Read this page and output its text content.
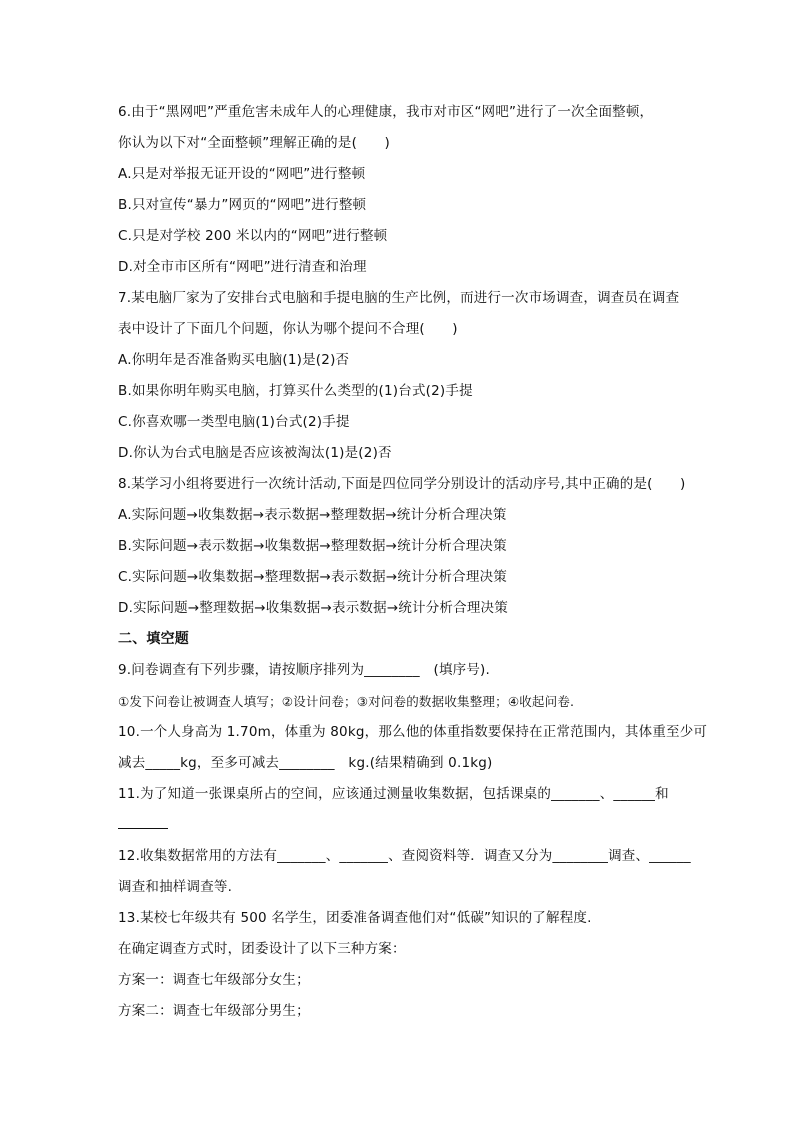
6.由于“黑网吧”严重危害未成年人的心理健康，我市对市区“网吧”进行了一次全面整顿，
你认为以下对“全面整顿”理解正确的是(　　)
A.只是对举报无证开设的“网吧”进行整顿
B.只对宣传“暴力”网页的“网吧”进行整顿
C.只是对学校 200 米以内的“网吧”进行整顿
D.对全市市区所有“网吧”进行清查和治理
7.某电脑厂家为了安排台式电脑和手提电脑的生产比例，而进行一次市场调查，调查员在调查
表中设计了下面几个问题，你认为哪个提问不合理(　　)
A.你明年是否准备购买电脑(1)是(2)否
B.如果你明年购买电脑，打算买什么类型的(1)台式(2)手提
C.你喜欢哪一类型电脑(1)台式(2)手提
D.你认为台式电脑是否应该被淘汰(1)是(2)否
8.某学习小组将要进行一次统计活动,下面是四位同学分别设计的活动序号,其中正确的是(　　)
A.实际问题→收集数据→表示数据→整理数据→统计分析合理决策
B.实际问题→表示数据→收集数据→整理数据→统计分析合理决策
C.实际问题→收集数据→整理数据→表示数据→统计分析合理决策
D.实际问题→整理数据→收集数据→表示数据→统计分析合理决策
二、填空题
9.问卷调查有下列步骤，请按顺序排列为________　(填序号).
①发下问卷让被调查人填写；②设计问卷；③对问卷的数据收集整理；④收起问卷.
10.一个人身高为 1.70m，体重为 80kg，那么他的体重指数要保持在正常范围内，其体重至少可
减去_____kg，至多可减去________　kg.(结果精确到 0.1kg)
11.为了知道一张课桌所占的空间，应该通过测量收集数据，包括课桌的_______、______和
12.收集数据常用的方法有_______、_______、查阅资料等．调查又分为________调查、______
调查和抽样调查等.
13.某校七年级共有 500 名学生，团委准备调查他们对“低碳”知识的了解程度.
在确定调查方式时，团委设计了以下三种方案：
方案一：调查七年级部分女生；
方案二：调查七年级部分男生；
